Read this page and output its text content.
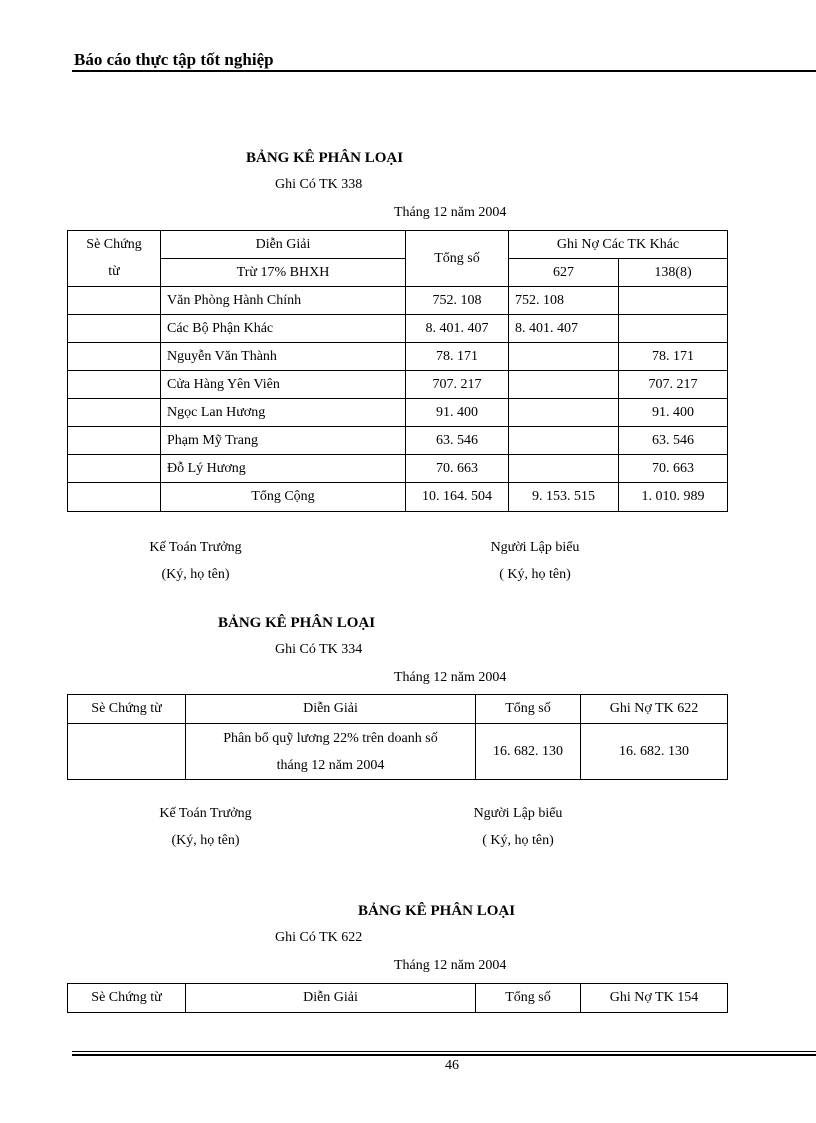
Báo cáo thực tập tốt nghiệp
BẢNG KÊ PHÂN LOẠI
Ghi Có TK 338
Tháng 12 năm 2004
Sè Chứng	Diễn Giải	Tổng số	Ghi Nợ Các TK Khác	
từ	Trừ 17% BHXH		627	138(8)
	Văn Phòng Hành Chính	752. 108	752. 108	
	Các Bộ Phận Khác	8. 401. 407	8. 401. 407	
	Nguyễn Văn Thành	78. 171		78. 171
	Cửa Hàng Yên Viên	707. 217		707. 217
	Ngọc Lan Hương	91. 400		91. 400
	Phạm Mỹ Trang	63. 546		63. 546
	Đỗ Lý Hương	70. 663		70. 663
	Tổng Cộng	10. 164. 504	9. 153. 515	1. 010. 989
Kế Toán Trưởng
(Ký, họ tên)
Người Lập biểu
( Ký, họ tên)
BẢNG KÊ PHÂN LOẠI
Ghi Có TK 334
Tháng 12 năm 2004
Sè Chứng từ	Diễn Giải	Tổng số	Ghi Nợ TK 622

	Phân bổ quỹ lương 22% trên doanh số
tháng 12 năm 2004	16. 682. 130	16. 682. 130
Kế Toán Trưởng
(Ký, họ tên)
Người Lập biểu
( Ký, họ tên)
BẢNG KÊ PHÂN LOẠI
Ghi Có TK 622
Tháng 12 năm 2004
Sè Chứng từ	Diễn Giải	Tổng số	Ghi Nợ TK 154
46
